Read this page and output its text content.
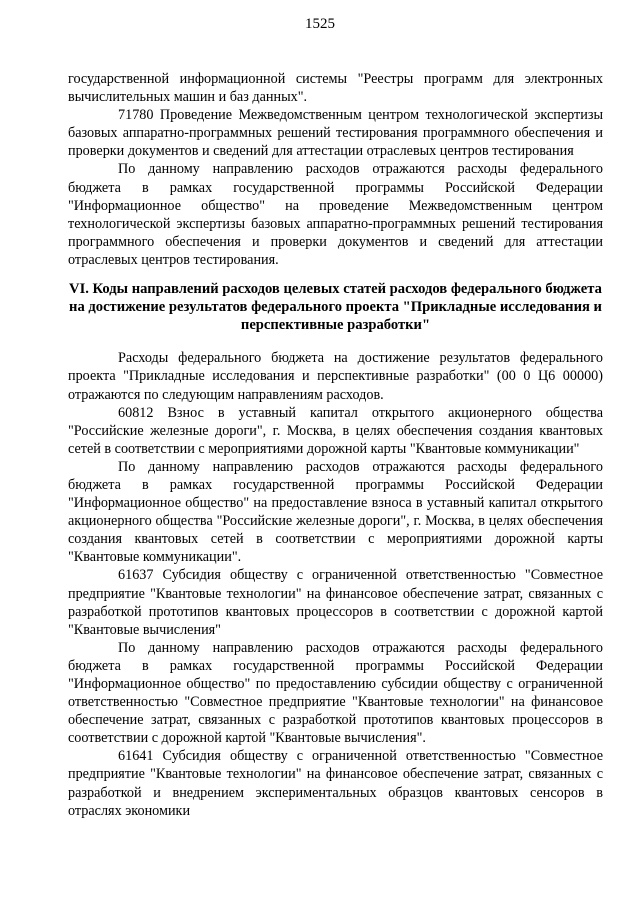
1525

государственной информационной системы "Реестры программ для электронных вычислительных машин и баз данных".

71780 Проведение Межведомственным центром технологической экспертизы базовых аппаратно-программных решений тестирования программного обеспечения и проверки документов и сведений для аттестации отраслевых центров тестирования

По данному направлению расходов отражаются расходы федерального бюджета в рамках государственной программы Российской Федерации "Информационное общество" на проведение Межведомственным центром технологической экспертизы базовых аппаратно-программных решений тестирования программного обеспечения и проверки документов и сведений для аттестации отраслевых центров тестирования.

VI. Коды направлений расходов целевых статей расходов федерального бюджета на достижение результатов федерального проекта "Прикладные исследования и перспективные разработки"

Расходы федерального бюджета на достижение результатов федерального проекта "Прикладные исследования и перспективные разработки" (00 0 Ц6 00000) отражаются по следующим направлениям расходов.

60812 Взнос в уставный капитал открытого акционерного общества "Российские железные дороги", г. Москва, в целях обеспечения создания квантовых сетей в соответствии с мероприятиями дорожной карты "Квантовые коммуникации"

По данному направлению расходов отражаются расходы федерального бюджета в рамках государственной программы Российской Федерации "Информационное общество" на предоставление взноса в уставный капитал открытого акционерного общества "Российские железные дороги", г. Москва, в целях обеспечения создания квантовых сетей в соответствии с мероприятиями дорожной карты "Квантовые коммуникации".

61637 Субсидия обществу с ограниченной ответственностью "Совместное предприятие "Квантовые технологии" на финансовое обеспечение затрат, связанных с разработкой прототипов квантовых процессоров в соответствии с дорожной картой "Квантовые вычисления"

По данному направлению расходов отражаются расходы федерального бюджета в рамках государственной программы Российской Федерации "Информационное общество" по предоставлению субсидии обществу с ограниченной ответственностью "Совместное предприятие "Квантовые технологии" на финансовое обеспечение затрат, связанных с разработкой прототипов квантовых процессоров в соответствии с дорожной картой "Квантовые вычисления".

61641 Субсидия обществу с ограниченной ответственностью "Совместное предприятие "Квантовые технологии" на финансовое обеспечение затрат, связанных с разработкой и внедрением экспериментальных образцов квантовых сенсоров в отраслях экономики
